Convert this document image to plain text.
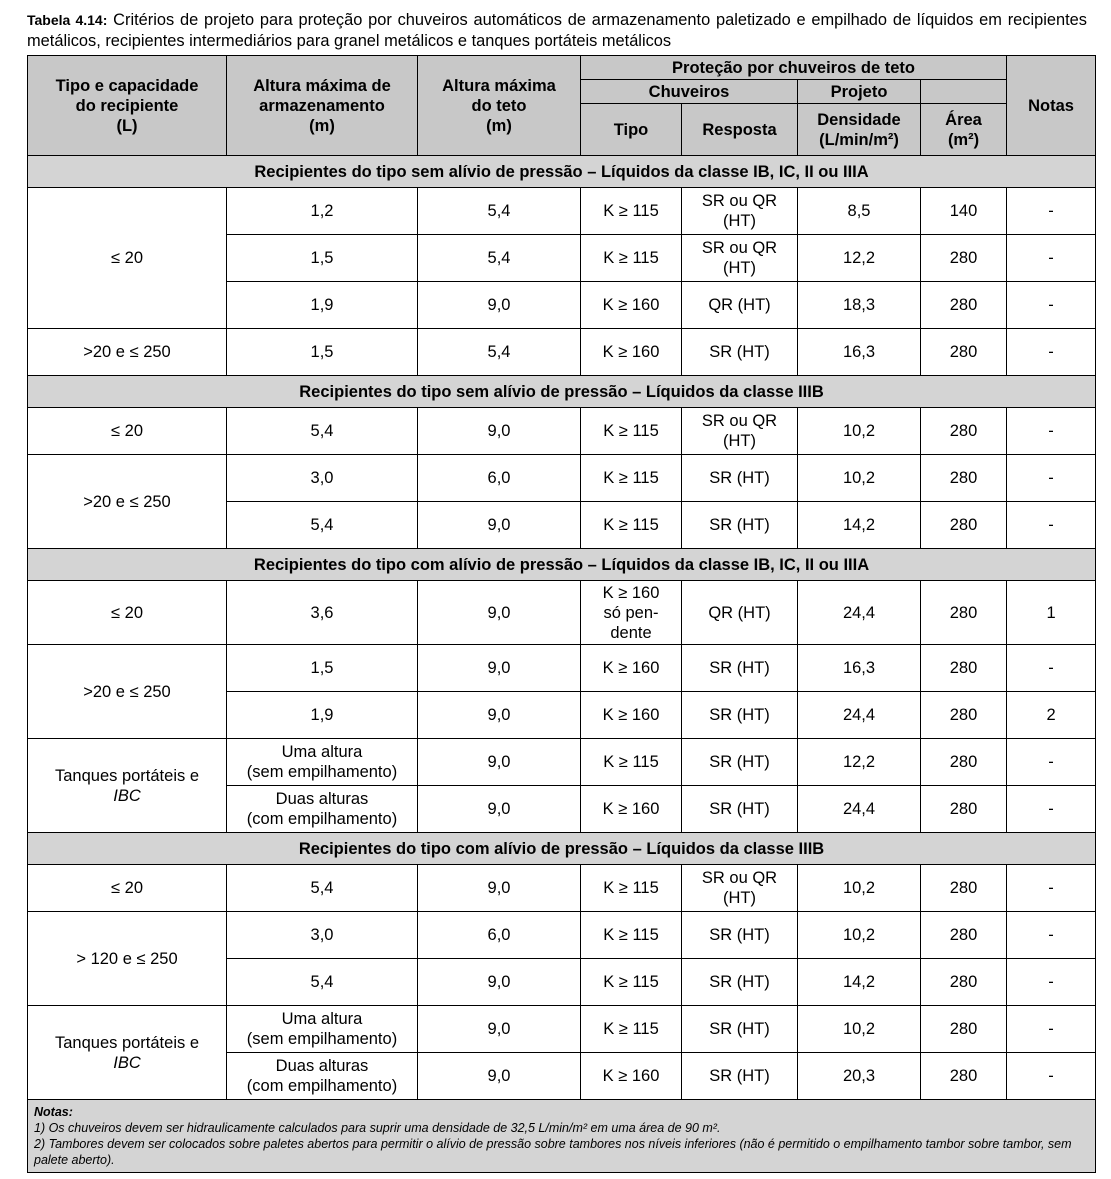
Tabela 4.14: Critérios de projeto para proteção por chuveiros automáticos de armazenamento paletizado e empilhado de líquidos em recipientes metálicos, recipientes intermediários para granel metálicos e tanques portáteis metálicos
Tipo e capacidade
do recipiente
(L)	Altura máxima de
armazenamento
(m)	Altura máxima
do teto
(m)	Proteção por chuveiros de teto				Notas
			Chuveiros		Projeto		
			Tipo	Resposta	Densidade
(L/min/m²)	Área
(m²)	
Recipientes do tipo sem alívio de pressão – Líquidos da classe IB, IC, II ou IIIA							
≤ 20	1,2	5,4	K ≥ 115	SR ou QR
(HT)	8,5	140	-
	1,5	5,4	K ≥ 115	SR ou QR
(HT)	12,2	280	-
	1,9	9,0	K ≥ 160	QR (HT)	18,3	280	-
>20 e ≤ 250	1,5	5,4	K ≥ 160	SR (HT)	16,3	280	-
Recipientes do tipo sem alívio de pressão – Líquidos da classe IIIB							
≤ 20	5,4	9,0	K ≥ 115	SR ou QR
(HT)	10,2	280	-
>20 e ≤ 250	3,0	6,0	K ≥ 115	SR (HT)	10,2	280	-
	5,4	9,0	K ≥ 115	SR (HT)	14,2	280	-
Recipientes do tipo com alívio de pressão – Líquidos da classe IB, IC, II ou IIIA							
≤ 20	3,6	9,0	K ≥ 160
só pen-
dente	QR (HT)	24,4	280	1
>20 e ≤ 250	1,5	9,0	K ≥ 160	SR (HT)	16,3	280	-
	1,9	9,0	K ≥ 160	SR (HT)	24,4	280	2
Tanques portáteis e
IBC	Uma altura
(sem empilhamento)	9,0	K ≥ 115	SR (HT)	12,2	280	-
	Duas alturas
(com empilhamento)	9,0	K ≥ 160	SR (HT)	24,4	280	-
Recipientes do tipo com alívio de pressão – Líquidos da classe IIIB							
≤ 20	5,4	9,0	K ≥ 115	SR ou QR
(HT)	10,2	280	-
> 120 e ≤ 250	3,0	6,0	K ≥ 115	SR (HT)	10,2	280	-
	5,4	9,0	K ≥ 115	SR (HT)	14,2	280	-
Tanques portáteis e
IBC	Uma altura
(sem empilhamento)	9,0	K ≥ 115	SR (HT)	10,2	280	-
	Duas alturas
(com empilhamento)	9,0	K ≥ 160	SR (HT)	20,3	280	-

Notas:
1) Os chuveiros devem ser hidraulicamente calculados para suprir uma densidade de 32,5 L/min/m² em uma área de 90 m².
2) Tambores devem ser colocados sobre paletes abertos para permitir o alívio de pressão sobre tambores nos níveis inferiores (não é permitido o empilhamento tambor sobre tambor, sem palete aberto).							
